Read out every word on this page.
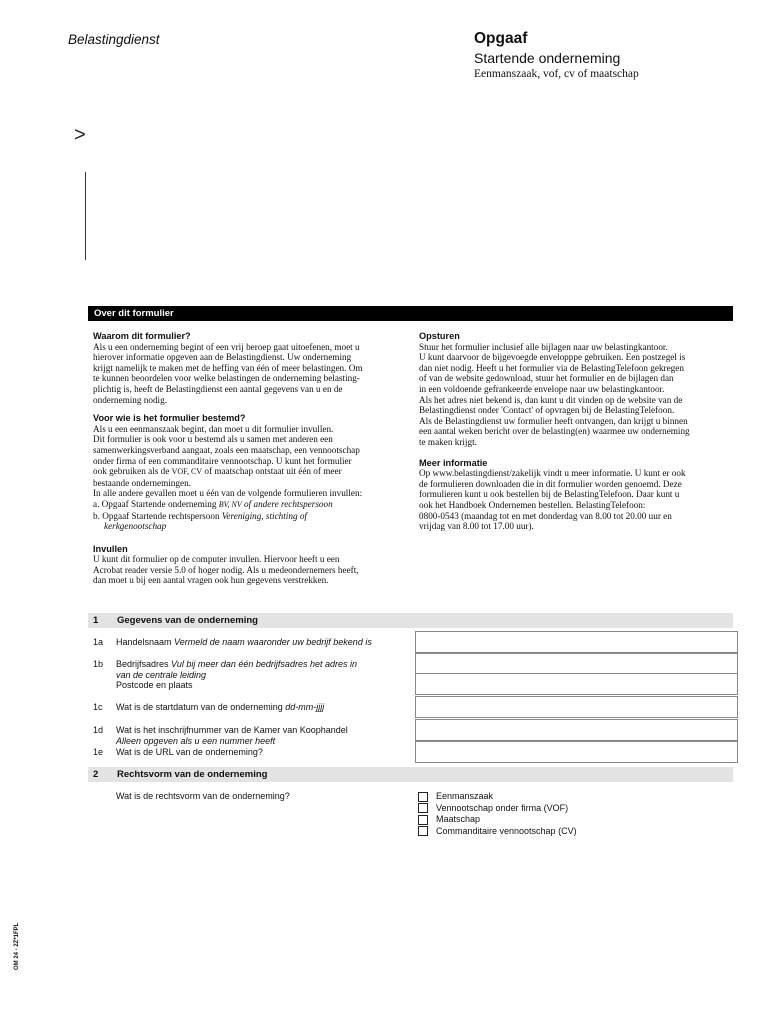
Belastingdienst	Opgaaf
Startende onderneming
Eenmanszaak, vof, cv of maatschap
>
Over dit formulier

Waarom dit formulier?
Als u een onderneming begint of een vrij beroep gaat uitoefenen, moet u
hierover informatie opgeven aan de Belastingdienst. Uw onderneming
krijgt namelijk te maken met de heffing van één of meer belastingen. Om
te kunnen beoordelen voor welke belastingen de onderneming belasting-
plichtig is, heeft de Belastingdienst een aantal gegevens van u en de
onderneming nodig.

Voor wie is het formulier bestemd?
Als u een eenmanszaak begint, dan moet u dit formulier invullen.
Dit formulier is ook voor u bestemd als u samen met anderen een
samenwerkingsverband aangaat, zoals een maatschap, een vennootschap
onder firma of een commanditaire vennootschap. U kunt het formulier
ook gebruiken als de VOF, CV of maatschap ontstaat uit één of meer
bestaande ondernemingen.
In alle andere gevallen moet u één van de volgende formulieren invullen:
a. Opgaaf Startende onderneming BV, NV of andere rechtspersoon
b. Opgaaf Startende rechtspersoon Vereniging, stichting of
kerkgenootschap

Invullen
U kunt dit formulier op de computer invullen. Hiervoor heeft u een
Acrobat reader versie 5.0 of hoger nodig. Als u medeondernemers heeft,
dan moet u bij een aantal vragen ook hun gegevens verstrekken.

Opsturen
Stuur het formulier inclusief alle bijlagen naar uw belastingkantoor.
U kunt daarvoor de bijgevoegde envelopppe gebruiken. Een postzegel is
dan niet nodig. Heeft u het formulier via de BelastingTelefoon gekregen
of van de website gedownload, stuur het formulier en de bijlagen dan
in een voldoende gefrankeerde envelope naar uw belastingkantoor.
Als het adres niet bekend is, dan kunt u dit vinden op de website van de
Belastingdienst onder 'Contact' of opvragen bij de BelastingTelefoon.
Als de Belastingdienst uw formulier heeft ontvangen, dan krijgt u binnen
een aantal weken bericht over de belasting(en) waarmee uw onderneming
te maken krijgt.

Meer informatie
Op www.belastingdienst/zakelijk vindt u meer informatie. U kunt er ook
de formulieren downloaden die in dit formulier worden genoemd. Deze
formulieren kunt u ook bestellen bij de BelastingTelefoon. Daar kunt u
ook het Handboek Ondernemen bestellen. BelastingTelefoon:
0800-0543 (maandag tot en met donderdag van 8.00 tot 20.00 uur en
vrijdag van 8.00 tot 17.00 uur).

1 Gegevens van de onderneming
1a Handelsnaam Vermeld de naam waaronder uw bedrijf bekend is
1b Bedrijfsadres Vul bij meer dan één bedrijfsadres het adres in
van de centrale leiding
Postcode en plaats
1c Wat is de startdatum van de onderneming dd-mm-jjjj
1d Wat is het inschrijfnummer van de Kamer van Koophandel
Alleen opgeven als u een nummer heeft
1e Wat is de URL van de onderneming?
2 Rechtsvorm van de onderneming
Wat is de rechtsvorm van de onderneming?	Eenmanszaak
Vennootschap onder firma (VOF)
Maatschap
Commanditaire vennootschap (CV)
OM 24 - 2Z*1FPL
